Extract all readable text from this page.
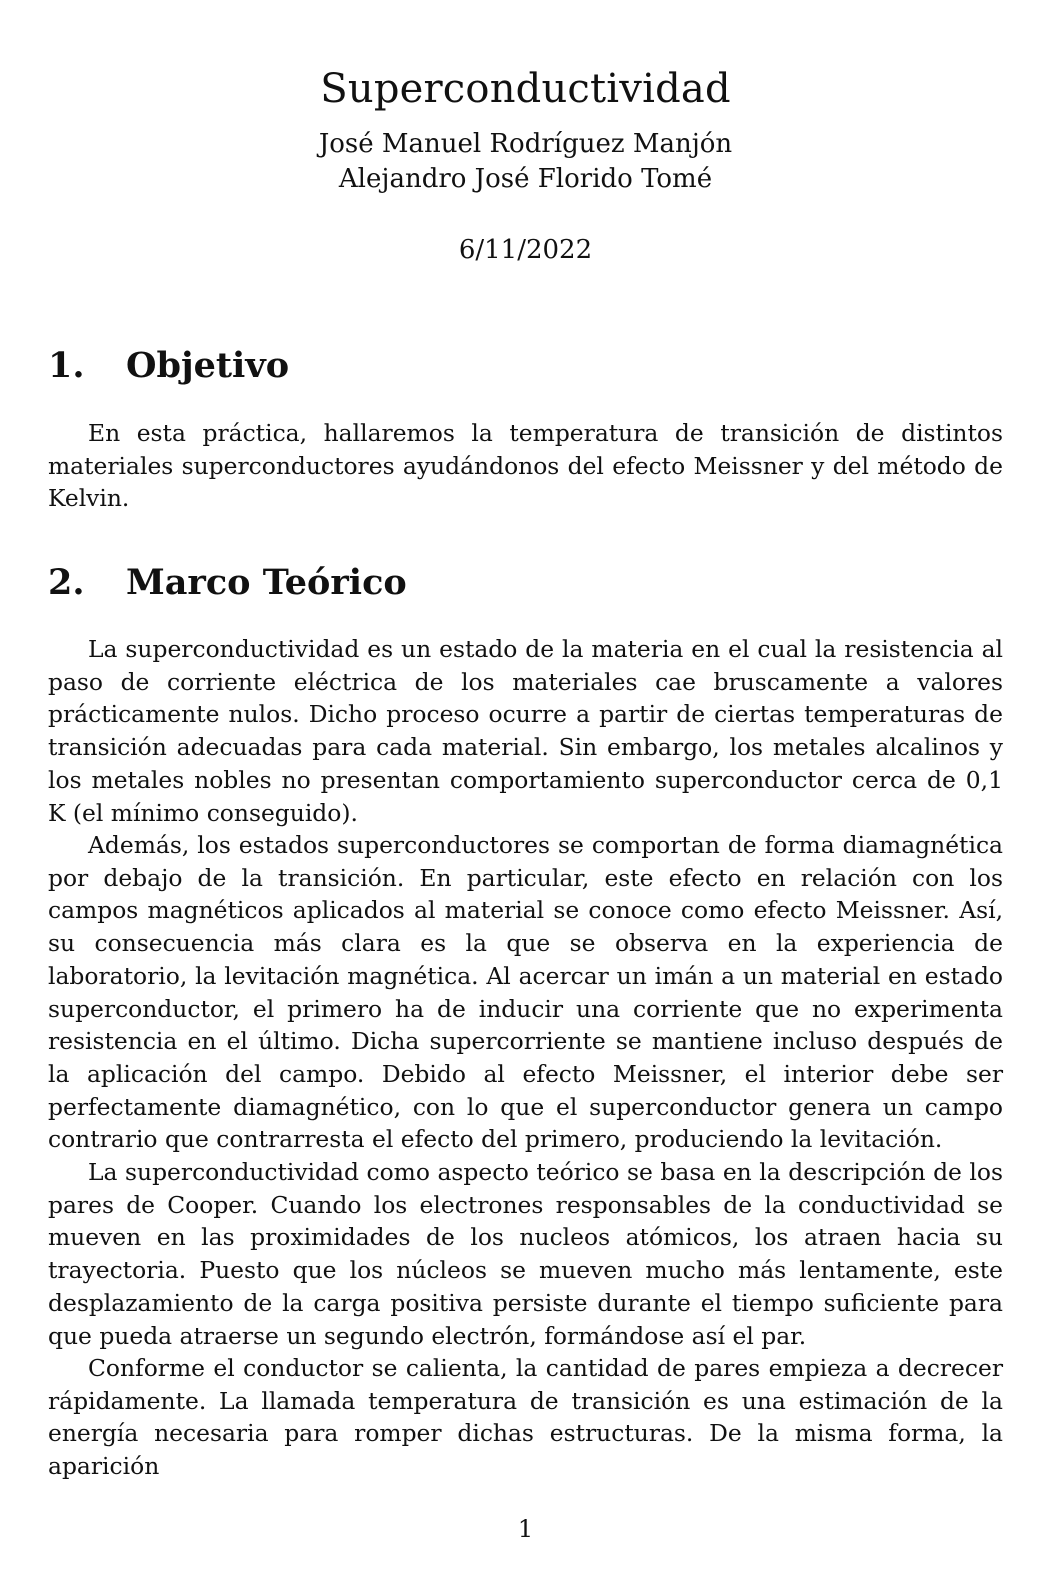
Superconductividad
José Manuel Rodríguez Manjón
Alejandro José Florido Tomé
6/11/2022
1. Objetivo

En esta práctica, hallaremos la temperatura de transición de distintos materiales superconductores ayudándonos del efecto Meissner y del método de Kelvin.

2. Marco Teórico

La superconductividad es un estado de la materia en el cual la resistencia al paso de corriente eléctrica de los materiales cae bruscamente a valores prácticamente nulos. Dicho proceso ocurre a partir de ciertas temperaturas de transición adecuadas para cada material. Sin embargo, los metales alcalinos y los metales nobles no presentan comportamiento superconductor cerca de 0,1 K (el mínimo conseguido).

Además, los estados superconductores se comportan de forma diamagnética por debajo de la transición. En particular, este efecto en relación con los campos magnéticos aplicados al material se conoce como efecto Meissner. Así, su consecuencia más clara es la que se observa en la experiencia de laboratorio, la levitación magnética. Al acercar un imán a un material en estado superconductor, el primero ha de inducir una corriente que no experimenta resistencia en el último. Dicha supercorriente se mantiene incluso después de la aplicación del campo. Debido al efecto Meissner, el interior debe ser perfectamente diamagnético, con lo que el superconductor genera un campo contrario que contrarresta el efecto del primero, produciendo la levitación.

La superconductividad como aspecto teórico se basa en la descripción de los pares de Cooper. Cuando los electrones responsables de la conductividad se mueven en las proximidades de los nucleos atómicos, los atraen hacia su trayectoria. Puesto que los núcleos se mueven mucho más lentamente, este desplazamiento de la carga positiva persiste durante el tiempo suficiente para que pueda atraerse un segundo electrón, formándose así el par.

Conforme el conductor se calienta, la cantidad de pares empieza a decrecer rápidamente. La llamada temperatura de transición es una estimación de la energía necesaria para romper dichas estructuras. De la misma forma, la aparición

1
